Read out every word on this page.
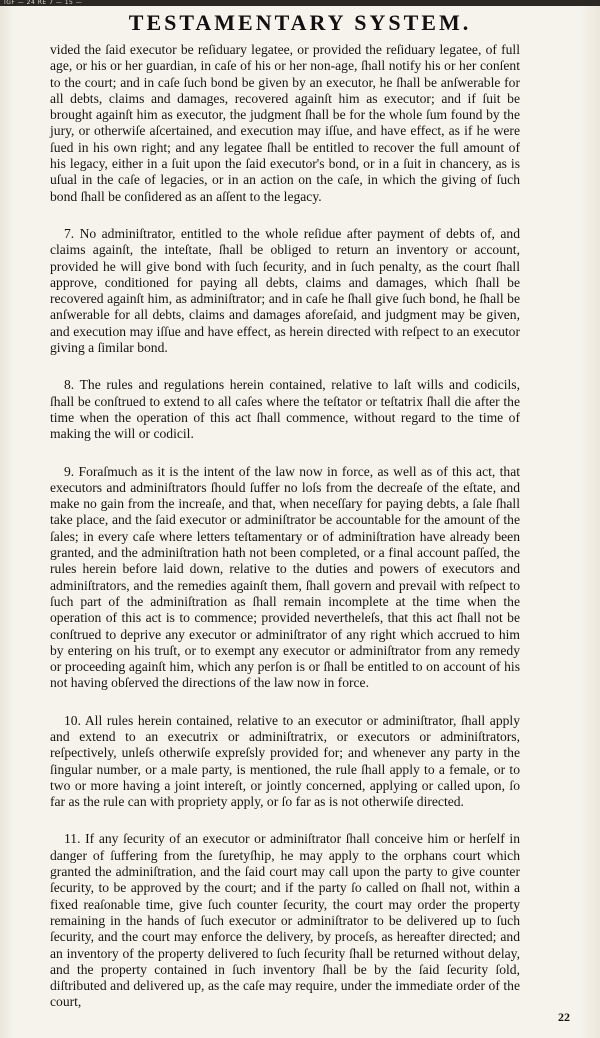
IGF — 24 RE 7 — 15 —
TESTAMENTARY SYSTEM.

vided the ſaid executor be reſiduary legatee, or provided the reſiduary legatee, of full age, or his or her guardian, in caſe of his or her non-age, ſhall notify his or her conſent to the court; and in caſe ſuch bond be given by an executor, he ſhall be anſwerable for all debts, claims and damages, recovered againſt him as executor; and if ſuit be brought againſt him as executor, the judgment ſhall be for the whole ſum found by the jury, or otherwiſe aſcertained, and execution may iſſue, and have effect, as if he were ſued in his own right; and any legatee ſhall be entitled to recover the full amount of his legacy, either in a ſuit upon the ſaid executor's bond, or in a ſuit in chancery, as is uſual in the caſe of legacies, or in an action on the caſe, in which the giving of ſuch bond ſhall be conſidered as an aſſent to the legacy.

7. No adminiſtrator, entitled to the whole reſidue after payment of debts of, and claims againſt, the inteſtate, ſhall be obliged to return an inventory or account, provided he will give bond with ſuch ſecurity, and in ſuch penalty, as the court ſhall approve, conditioned for paying all debts, claims and damages, which ſhall be recovered againſt him, as adminiſtrator; and in caſe he ſhall give ſuch bond, he ſhall be anſwerable for all debts, claims and damages aforeſaid, and judgment may be given, and execution may iſſue and have effect, as herein directed with reſpect to an executor giving a ſimilar bond.

8. The rules and regulations herein contained, relative to laſt wills and codicils, ſhall be conſtrued to extend to all caſes where the teſtator or teſtatrix ſhall die after the time when the operation of this act ſhall commence, without regard to the time of making the will or codicil.

9. Foraſmuch as it is the intent of the law now in force, as well as of this act, that executors and adminiſtrators ſhould ſuffer no loſs from the decreaſe of the eſtate, and make no gain from the increaſe, and that, when neceſſary for paying debts, a ſale ſhall take place, and the ſaid executor or adminiſtrator be accountable for the amount of the ſales; in every caſe where letters teſtamentary or of adminiſtration have already been granted, and the adminiſtration hath not been completed, or a final account paſſed, the rules herein before laid down, relative to the duties and powers of executors and adminiſtrators, and the remedies againſt them, ſhall govern and prevail with reſpect to ſuch part of the adminiſtration as ſhall remain incomplete at the time when the operation of this act is to commence; provided nevertheleſs, that this act ſhall not be conſtrued to deprive any executor or adminiſtrator of any right which accrued to him by entering on his truſt, or to exempt any executor or adminiſtrator from any remedy or proceeding againſt him, which any perſon is or ſhall be entitled to on account of his not having obſerved the directions of the law now in force.

10. All rules herein contained, relative to an executor or adminiſtrator, ſhall apply and extend to an executrix or adminiſtratrix, or executors or adminiſtrators, reſpectively, unleſs otherwiſe expreſsly provided for; and whenever any party in the ſingular number, or a male party, is mentioned, the rule ſhall apply to a female, or to two or more having a joint intereſt, or jointly concerned, applying or called upon, ſo far as the rule can with propriety apply, or ſo far as is not otherwiſe directed.

11. If any ſecurity of an executor or adminiſtrator ſhall conceive him or herſelf in danger of ſuffering from the ſuretyſhip, he may apply to the orphans court which granted the adminiſtration, and the ſaid court may call upon the party to give counter ſecurity, to be approved by the court; and if the party ſo called on ſhall not, within a fixed reaſonable time, give ſuch counter ſecurity, the court may order the property remaining in the hands of ſuch executor or adminiſtrator to be delivered up to ſuch ſecurity, and the court may enforce the delivery, by proceſs, as hereafter directed; and an inventory of the property delivered to ſuch ſecurity ſhall be returned without delay, and the property contained in ſuch inventory ſhall be by the ſaid ſecurity ſold, diſtributed and delivered up, as the caſe may require, under the immediate order of the court,

22
